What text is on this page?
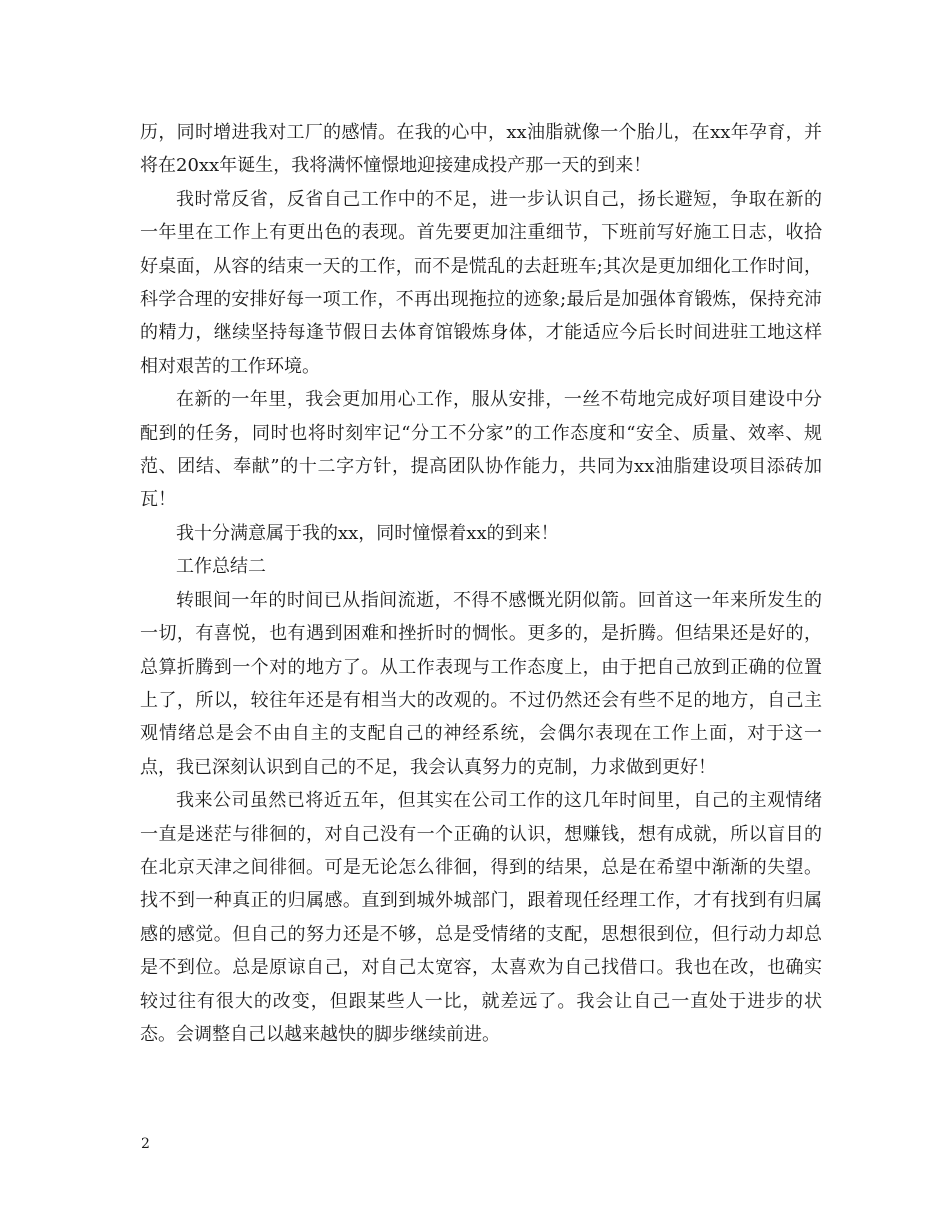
历，同时增进我对工厂的感情。在我的心中，xx油脂就像一个胎儿，在xx年孕育，并将在20xx年诞生，我将满怀憧憬地迎接建成投产那一天的到来！

我时常反省，反省自己工作中的不足，进一步认识自己，扬长避短，争取在新的一年里在工作上有更出色的表现。首先要更加注重细节，下班前写好施工日志，收拾好桌面，从容的结束一天的工作，而不是慌乱的去赶班车;其次是更加细化工作时间，科学合理的安排好每一项工作，不再出现拖拉的迹象;最后是加强体育锻炼，保持充沛的精力，继续坚持每逢节假日去体育馆锻炼身体，才能适应今后长时间进驻工地这样相对艰苦的工作环境。

在新的一年里，我会更加用心工作，服从安排，一丝不苟地完成好项目建设中分配到的任务，同时也将时刻牢记“分工不分家”的工作态度和“安全、质量、效率、规范、团结、奉献”的十二字方针，提高团队协作能力，共同为xx油脂建设项目添砖加瓦！

我十分满意属于我的xx，同时憧憬着xx的到来！

工作总结二

转眼间一年的时间已从指间流逝，不得不感慨光阴似箭。回首这一年来所发生的一切，有喜悦，也有遇到困难和挫折时的惆怅。更多的，是折腾。但结果还是好的，总算折腾到一个对的地方了。从工作表现与工作态度上，由于把自己放到正确的位置上了，所以，较往年还是有相当大的改观的。不过仍然还会有些不足的地方，自己主观情绪总是会不由自主的支配自己的神经系统，会偶尔表现在工作上面，对于这一点，我已深刻认识到自己的不足，我会认真努力的克制，力求做到更好！

我来公司虽然已将近五年，但其实在公司工作的这几年时间里，自己的主观情绪一直是迷茫与徘徊的，对自己没有一个正确的认识，想赚钱，想有成就，所以盲目的在北京天津之间徘徊。可是无论怎么徘徊，得到的结果，总是在希望中渐渐的失望。找不到一种真正的归属感。直到到城外城部门，跟着现任经理工作，才有找到有归属感的感觉。但自己的努力还是不够，总是受情绪的支配，思想很到位，但行动力却总是不到位。总是原谅自己，对自己太宽容，太喜欢为自己找借口。我也在改，也确实较过往有很大的改变，但跟某些人一比，就差远了。我会让自己一直处于进步的状态。会调整自己以越来越快的脚步继续前进。

2
